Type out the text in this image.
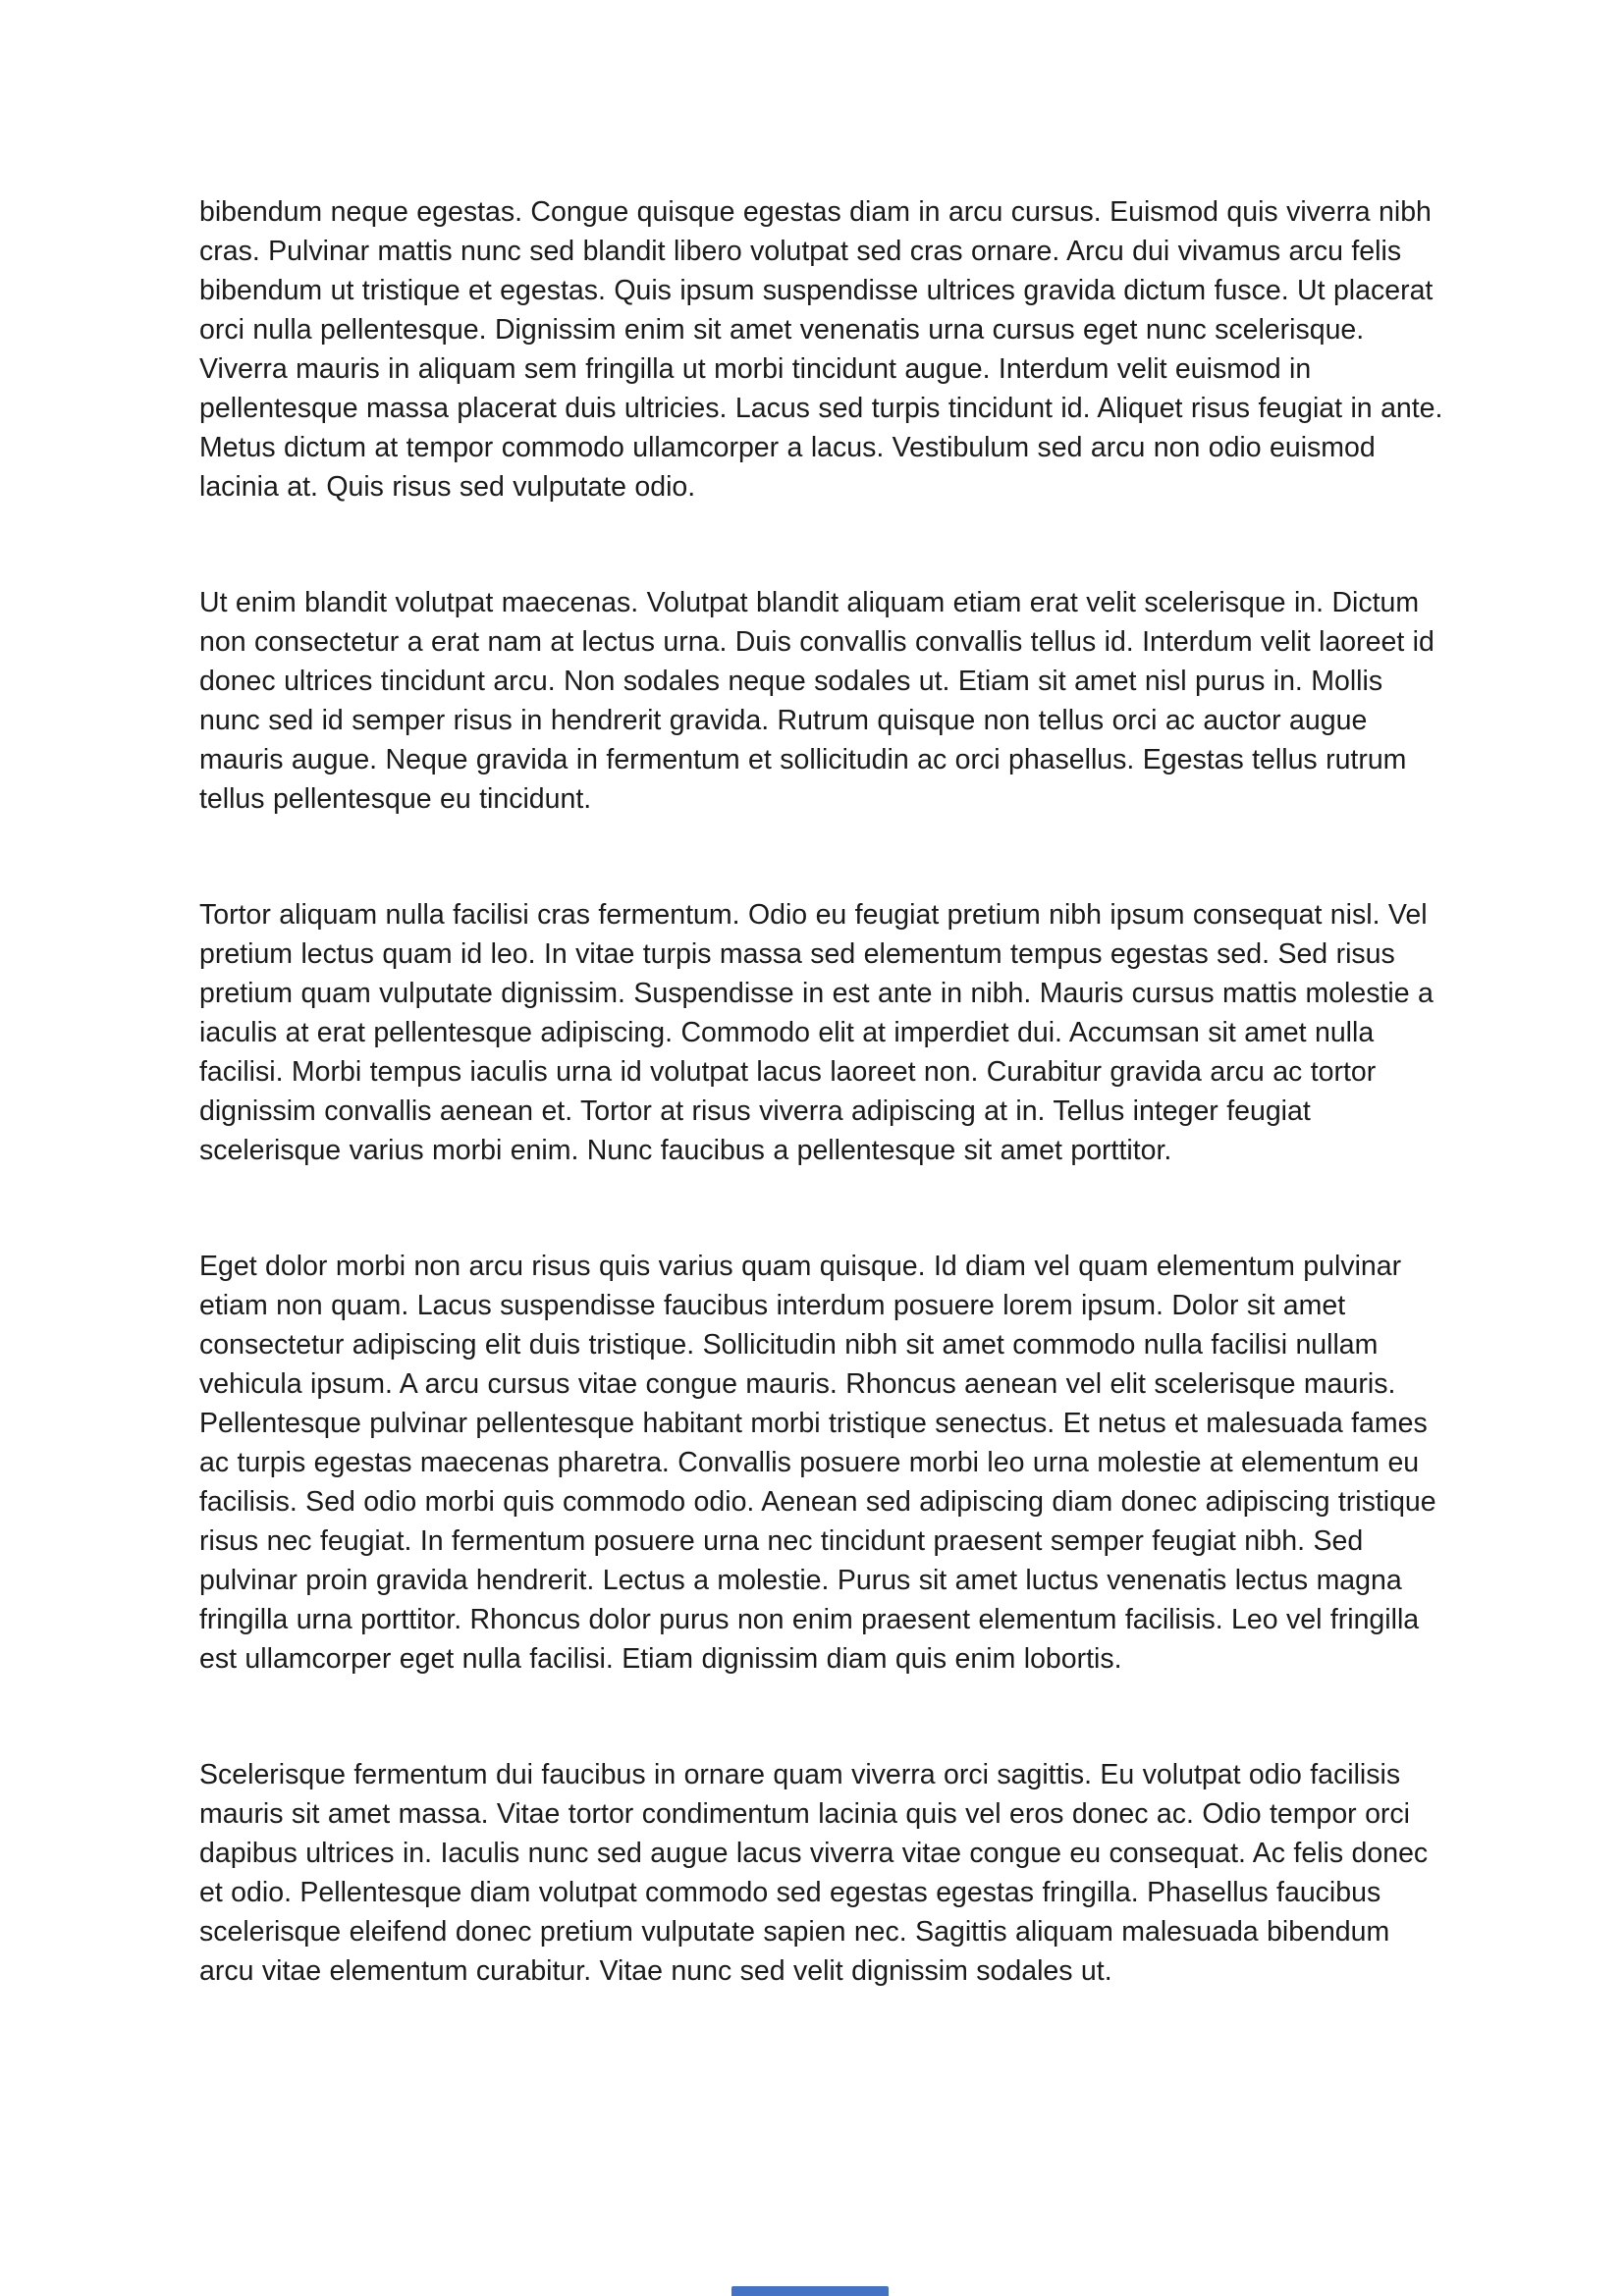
bibendum neque egestas. Congue quisque egestas diam in arcu cursus. Euismod quis viverra nibh cras. Pulvinar mattis nunc sed blandit libero volutpat sed cras ornare. Arcu dui vivamus arcu felis bibendum ut tristique et egestas. Quis ipsum suspendisse ultrices gravida dictum fusce. Ut placerat orci nulla pellentesque. Dignissim enim sit amet venenatis urna cursus eget nunc scelerisque. Viverra mauris in aliquam sem fringilla ut morbi tincidunt augue. Interdum velit euismod in pellentesque massa placerat duis ultricies. Lacus sed turpis tincidunt id. Aliquet risus feugiat in ante. Metus dictum at tempor commodo ullamcorper a lacus. Vestibulum sed arcu non odio euismod lacinia at. Quis risus sed vulputate odio.

Ut enim blandit volutpat maecenas. Volutpat blandit aliquam etiam erat velit scelerisque in. Dictum non consectetur a erat nam at lectus urna. Duis convallis convallis tellus id. Interdum velit laoreet id donec ultrices tincidunt arcu. Non sodales neque sodales ut. Etiam sit amet nisl purus in. Mollis nunc sed id semper risus in hendrerit gravida. Rutrum quisque non tellus orci ac auctor augue mauris augue. Neque gravida in fermentum et sollicitudin ac orci phasellus. Egestas tellus rutrum tellus pellentesque eu tincidunt.

Tortor aliquam nulla facilisi cras fermentum. Odio eu feugiat pretium nibh ipsum consequat nisl. Vel pretium lectus quam id leo. In vitae turpis massa sed elementum tempus egestas sed. Sed risus pretium quam vulputate dignissim. Suspendisse in est ante in nibh. Mauris cursus mattis molestie a iaculis at erat pellentesque adipiscing. Commodo elit at imperdiet dui. Accumsan sit amet nulla facilisi. Morbi tempus iaculis urna id volutpat lacus laoreet non. Curabitur gravida arcu ac tortor dignissim convallis aenean et. Tortor at risus viverra adipiscing at in. Tellus integer feugiat scelerisque varius morbi enim. Nunc faucibus a pellentesque sit amet porttitor.

Eget dolor morbi non arcu risus quis varius quam quisque. Id diam vel quam elementum pulvinar etiam non quam. Lacus suspendisse faucibus interdum posuere lorem ipsum. Dolor sit amet consectetur adipiscing elit duis tristique. Sollicitudin nibh sit amet commodo nulla facilisi nullam vehicula ipsum. A arcu cursus vitae congue mauris. Rhoncus aenean vel elit scelerisque mauris. Pellentesque pulvinar pellentesque habitant morbi tristique senectus. Et netus et malesuada fames ac turpis egestas maecenas pharetra. Convallis posuere morbi leo urna molestie at elementum eu facilisis. Sed odio morbi quis commodo odio. Aenean sed adipiscing diam donec adipiscing tristique risus nec feugiat. In fermentum posuere urna nec tincidunt praesent semper feugiat nibh. Sed pulvinar proin gravida hendrerit. Lectus a molestie. Purus sit amet luctus venenatis lectus magna fringilla urna porttitor. Rhoncus dolor purus non enim praesent elementum facilisis. Leo vel fringilla est ullamcorper eget nulla facilisi. Etiam dignissim diam quis enim lobortis.

Scelerisque fermentum dui faucibus in ornare quam viverra orci sagittis. Eu volutpat odio facilisis mauris sit amet massa. Vitae tortor condimentum lacinia quis vel eros donec ac. Odio tempor orci dapibus ultrices in. Iaculis nunc sed augue lacus viverra vitae congue eu consequat. Ac felis donec et odio. Pellentesque diam volutpat commodo sed egestas egestas fringilla. Phasellus faucibus scelerisque eleifend donec pretium vulputate sapien nec. Sagittis aliquam malesuada bibendum arcu vitae elementum curabitur. Vitae nunc sed velit dignissim sodales ut.
